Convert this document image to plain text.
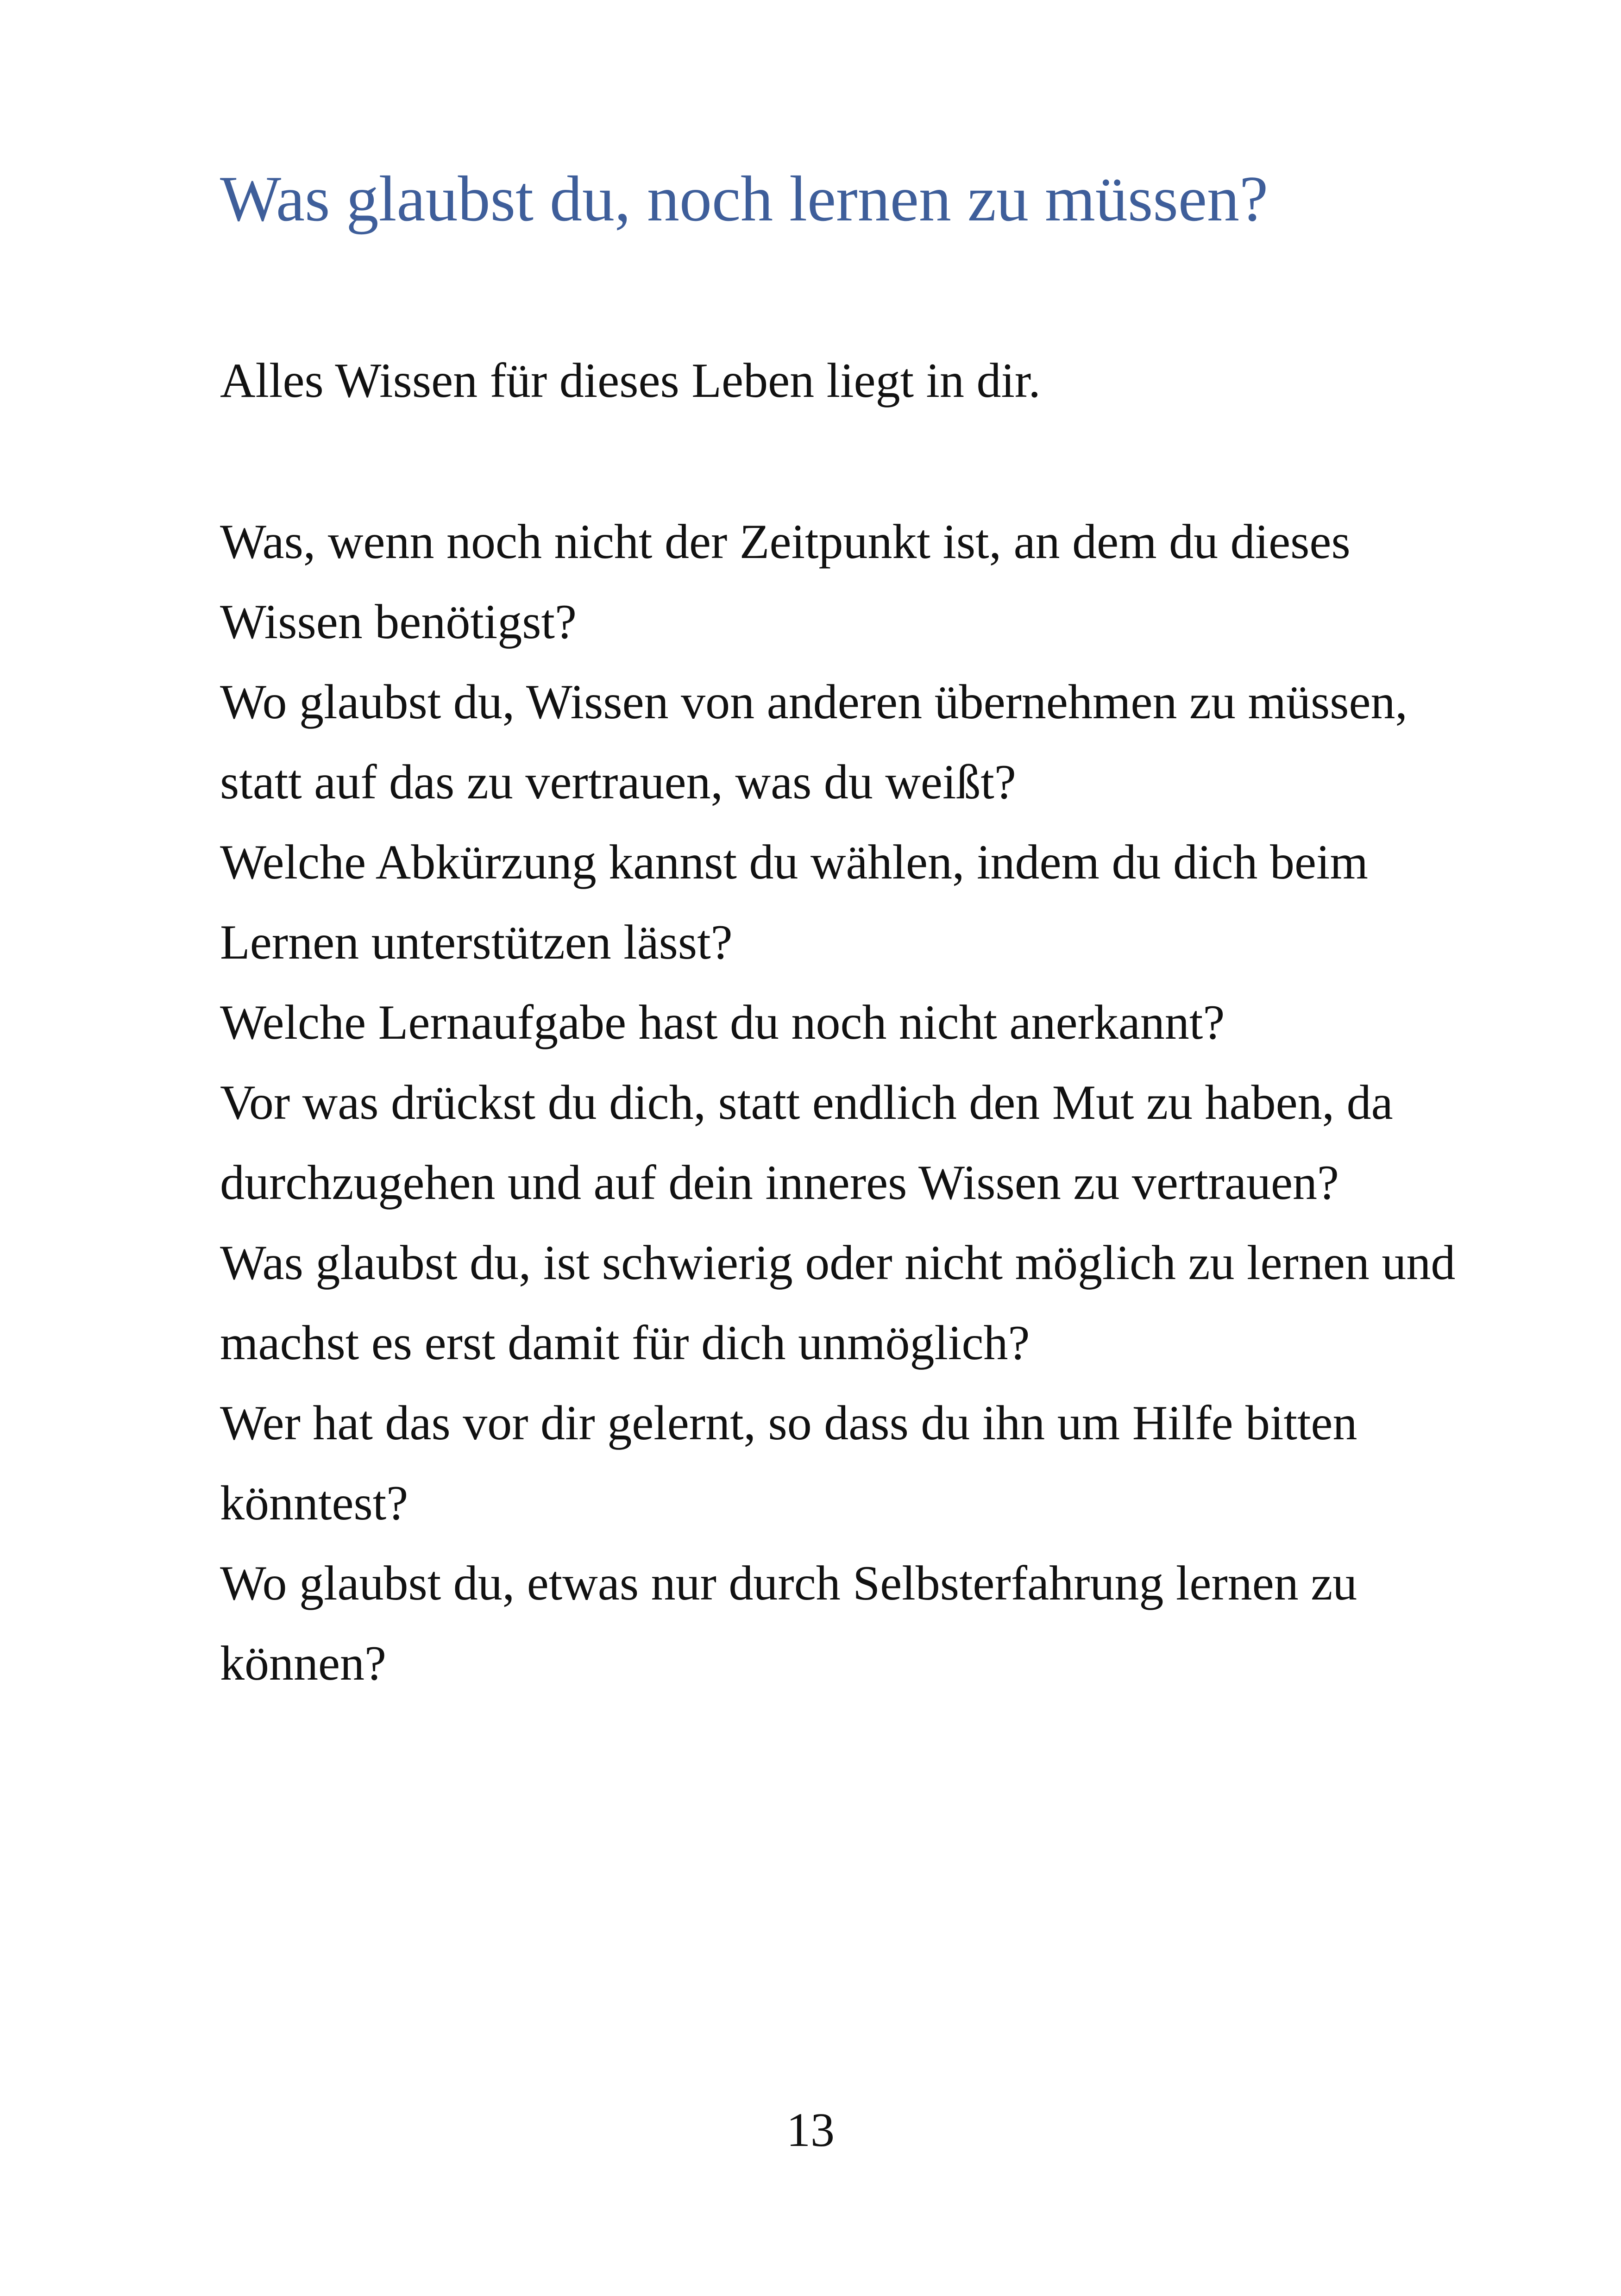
Was glaubst du, noch lernen zu müssen?

Alles Wissen für dieses Leben liegt in dir.

Was, wenn noch nicht der Zeitpunkt ist, an dem du dieses
Wissen benötigst?
Wo glaubst du, Wissen von anderen übernehmen zu müssen,
statt auf das zu vertrauen, was du weißt?
Welche Abkürzung kannst du wählen, indem du dich beim
Lernen unterstützen lässt?
Welche Lernaufgabe hast du noch nicht anerkannt?
Vor was drückst du dich, statt endlich den Mut zu haben, da
durchzugehen und auf dein inneres Wissen zu vertrauen?
Was glaubst du, ist schwierig oder nicht möglich zu lernen und
machst es erst damit für dich unmöglich?
Wer hat das vor dir gelernt, so dass du ihn um Hilfe bitten
könntest?
Wo glaubst du, etwas nur durch Selbsterfahrung lernen zu
können?
13
